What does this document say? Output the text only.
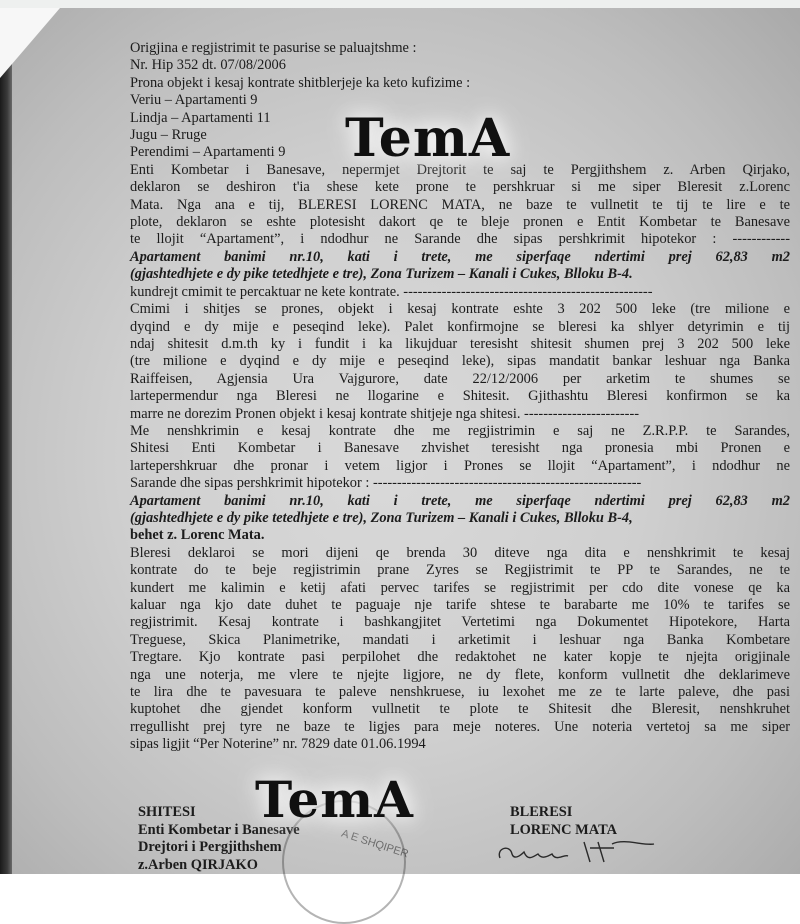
Origjina e regjistrimit te pasurise se paluajtshme :

Nr. Hip 352 dt. 07/08/2006

Prona objekt i kesaj kontrate shitblerjeje ka keto kufizime :

Veriu – Apartamenti 9

Lindja – Apartamenti 11

Jugu – Rruge

Perendimi – Apartamenti 9

Enti Kombetar i Banesave, nepermjet Drejtorit te saj te Pergjithshem z. Arben Qirjako,

deklaron se deshiron t'ia shese kete prone te pershkruar si me siper Bleresit z.Lorenc

Mata. Nga ana e tij, BLERESI LORENC MATA, ne baze te vullnetit te tij te lire e te

plote, deklaron se eshte plotesisht dakort qe te bleje pronen e Entit Kombetar te Banesave

te llojit “Apartament”, i ndodhur ne Sarande dhe sipas pershkrimit hipotekor : ------------

Apartament banimi nr.10, kati i trete, me siperfaqe ndertimi prej 62,83 m2

(gjashtedhjete e dy pike tetedhjete e tre), Zona Turizem – Kanali i Cukes, Blloku B-4.

kundrejt cmimit te percaktuar ne kete kontrate. ----------------------------------------------------

Cmimi i shitjes se prones, objekt i kesaj kontrate eshte 3 202 500 leke (tre milione e

dyqind e dy mije e peseqind leke). Palet konfirmojne se bleresi ka shlyer detyrimin e tij

ndaj shitesit d.m.th ky i fundit i ka likujduar teresisht shitesit shumen prej 3 202 500 leke

(tre milione e dyqind e dy mije e peseqind leke), sipas mandatit bankar leshuar nga Banka

Raiffeisen, Agjensia Ura Vajgurore, date 22/12/2006 per arketim te shumes se

lartepermendur nga Bleresi ne llogarine e Shitesit. Gjithashtu Bleresi konfirmon se ka

marre ne dorezim Pronen objekt i kesaj kontrate shitjeje nga shitesi. ------------------------

Me nenshkrimin e kesaj kontrate dhe me regjistrimin e saj ne Z.R.P.P. te Sarandes,

Shitesi Enti Kombetar i Banesave zhvishet teresisht nga pronesia mbi Pronen e

lartepershkruar dhe pronar i vetem ligjor i Prones se llojit “Apartament”, i ndodhur ne

Sarande dhe sipas pershkrimit hipotekor : --------------------------------------------------------

Apartament banimi nr.10, kati i trete, me siperfaqe ndertimi prej 62,83 m2

(gjashtedhjete e dy pike tetedhjete e tre), Zona Turizem – Kanali i Cukes, Blloku B-4,

behet z. Lorenc Mata.

Bleresi deklaroi se mori dijeni qe brenda 30 diteve nga dita e nenshkrimit te kesaj

kontrate do te beje regjistrimin prane Zyres se Regjistrimit te PP te Sarandes, ne te

kundert me kalimin e ketij afati pervec tarifes se regjistrimit per cdo dite vonese qe ka

kaluar nga kjo date duhet te paguaje nje tarife shtese te barabarte me 10% te tarifes se

regjistrimit. Kesaj kontrate i bashkangjitet Vertetimi nga Dokumentet Hipotekore, Harta

Treguese, Skica Planimetrike, mandati i arketimit i leshuar nga Banka Kombetare

Tregtare. Kjo kontrate pasi perpilohet dhe redaktohet ne kater kopje te njejta origjinale

nga une noterja, me vlere te njejte ligjore, ne dy flete, konform vullnetit dhe deklarimeve

te lira dhe te pavesuara te paleve nenshkruese, iu lexohet me ze te larte paleve, dhe pasi

kuptohet dhe gjendet konform vullnetit te plote te Shitesit dhe Bleresit, nenshkruhet

rregullisht prej tyre ne baze te ligjes para meje noteres. Une noteria vertetoj sa me siper

sipas ligjit “Per Noterine” nr. 7829 date 01.06.1994

TemA
A E SHQIPER
SHITESI
Enti Kombetar i Banesave
Drejtori i Pergjithshem
z.Arben QIRJAKO
BLERESI
LORENC MATA
TemA
